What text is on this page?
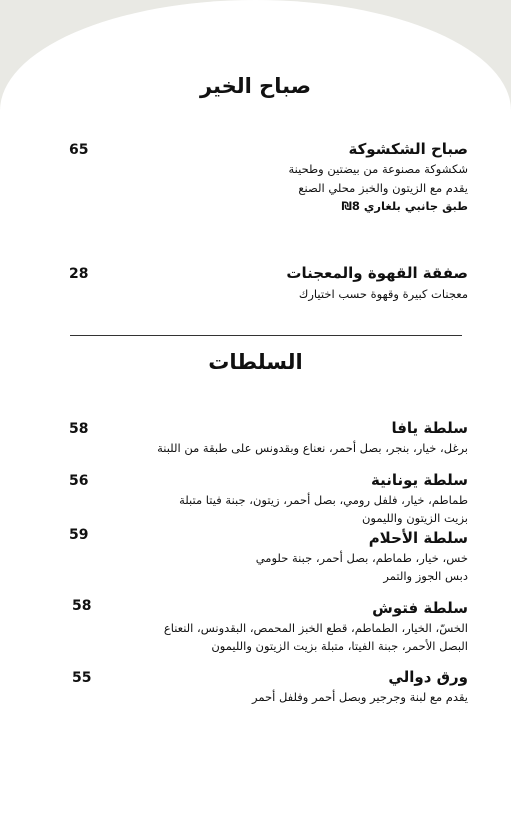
صباح الخير
صباح الشكشوكة
65
شكشوكة مصنوعة من بيضتين وطحينة
يقدم مع الزيتون والخبز محلي الصنع
طبق جانبي بلغاري 8₪
صفقة القهوة والمعجنات
28
معجنات كبيرة وقهوة حسب اختيارك
السلطات
سلطة يافا
58
برغل، خيار، بنجر، بصل أحمر، نعناع وبقدونس على طبقة من اللبنة
سلطة يونانية
56
طماطم، خيار، فلفل رومي، بصل أحمر، زيتون، جبنة فيتا متبلة
بزيت الزيتون والليمون
سلطة الأحلام
59
خس، خيار، طماطم، بصل أحمر، جبنة حلومي
دبس الجوز والتمر
سلطة فتوش
58
الخسّ، الخيار، الطماطم، قطع الخبز المحمص، البقدونس، النعناع
البصل الأحمر، جبنة الفيتا، متبلة بزيت الزيتون والليمون
ورق دوالي
55
يقدم مع لبنة وجرجير وبصل أحمر وفلفل أحمر
